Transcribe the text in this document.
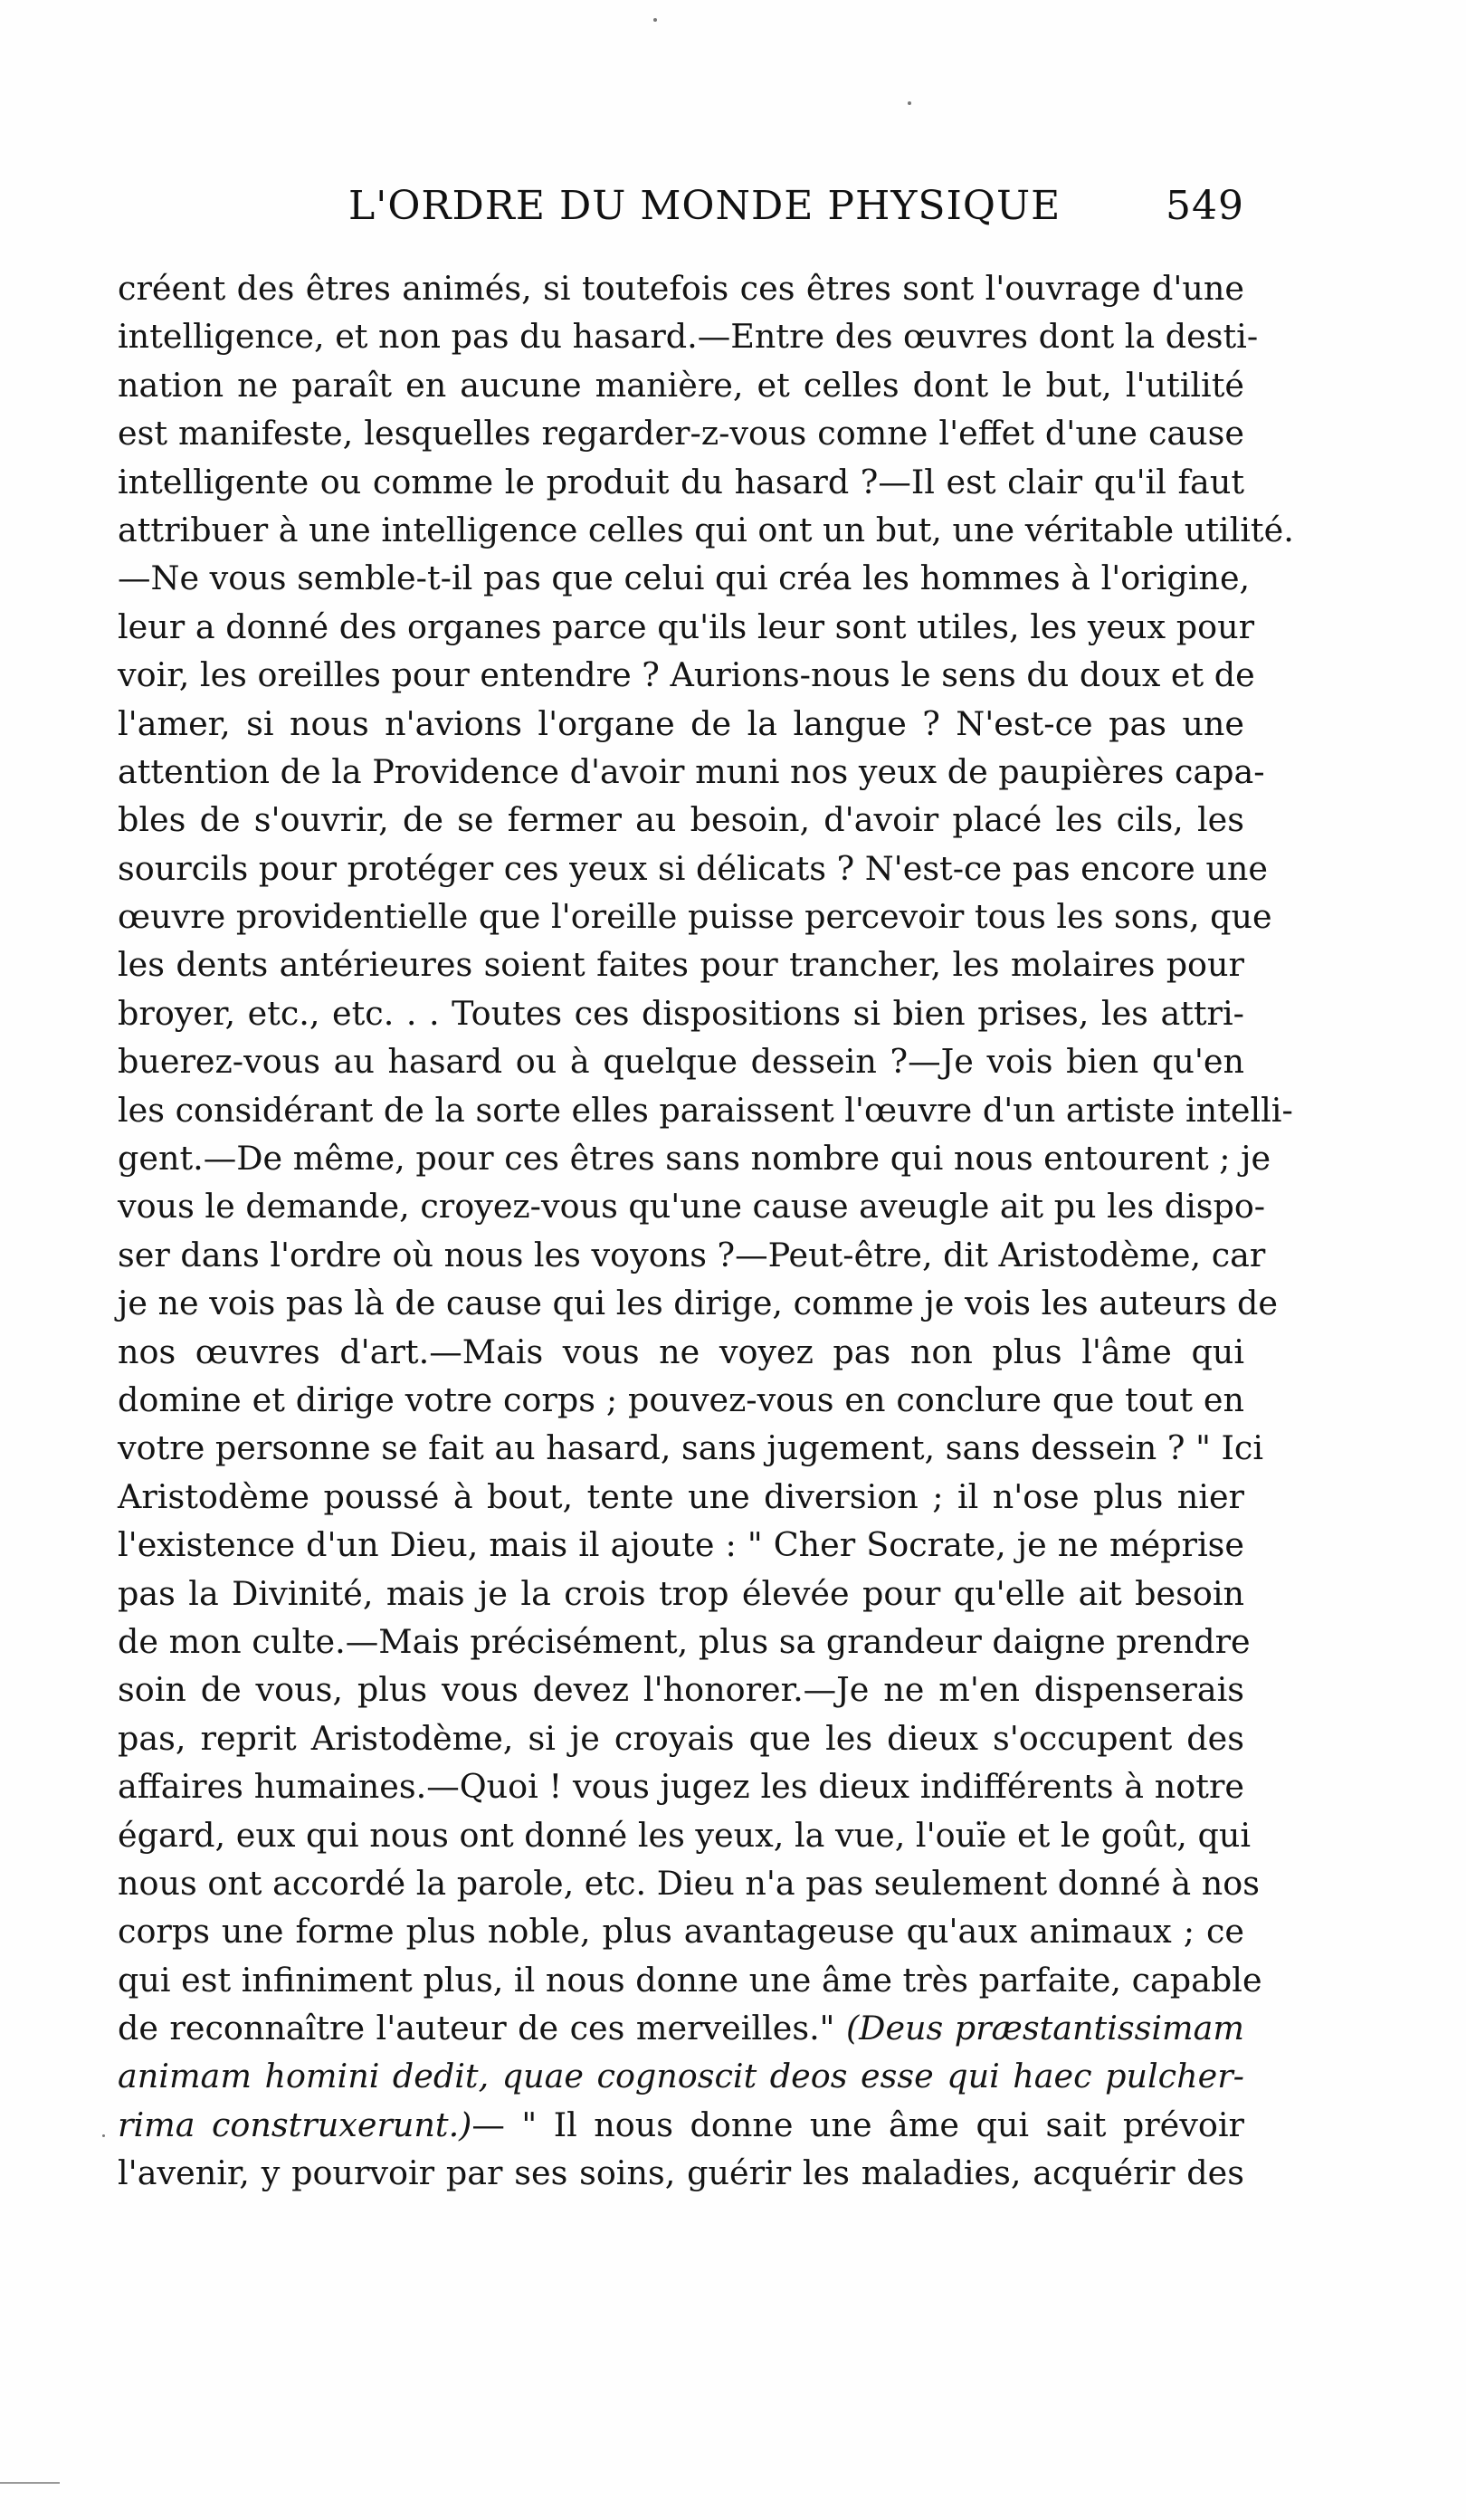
L'ORDRE DU MONDE PHYSIQUE	549
créent des êtres animés, si toutefois ces êtres sont l'ouvrage d'une
intelligence, et non pas du hasard.—Entre des œuvres dont la desti-
nation ne paraît en aucune manière, et celles dont le but, l'utilité
est manifeste, lesquelles regarder-z-vous comne l'effet d'une cause
intelligente ou comme le produit du hasard ?—Il est clair qu'il faut
attribuer à une intelligence celles qui ont un but, une véritable utilité.
—Ne vous semble-t-il pas que celui qui créa les hommes à l'origine,
leur a donné des organes parce qu'ils leur sont utiles, les yeux pour
voir, les oreilles pour entendre ? Aurions-nous le sens du doux et de
l'amer, si nous n'avions l'organe de la langue ? N'est-ce pas une
attention de la Providence d'avoir muni nos yeux de paupières capa-
bles de s'ouvrir, de se fermer au besoin, d'avoir placé les cils, les
sourcils pour protéger ces yeux si délicats ? N'est-ce pas encore une
œuvre providentielle que l'oreille puisse percevoir tous les sons, que
les dents antérieures soient faites pour trancher, les molaires pour
broyer, etc., etc. . . Toutes ces dispositions si bien prises, les attri-
buerez-vous au hasard ou à quelque dessein ?—Je vois bien qu'en
les considérant de la sorte elles paraissent l'œuvre d'un artiste intelli-
gent.—De même, pour ces êtres sans nombre qui nous entourent ; je
vous le demande, croyez-vous qu'une cause aveugle ait pu les dispo-
ser dans l'ordre où nous les voyons ?—Peut-être, dit Aristodème, car
je ne vois pas là de cause qui les dirige, comme je vois les auteurs de
nos œuvres d'art.—Mais vous ne voyez pas non plus l'âme qui
domine et dirige votre corps ; pouvez-vous en conclure que tout en
votre personne se fait au hasard, sans jugement, sans dessein ? " Ici
Aristodème poussé à bout, tente une diversion ; il n'ose plus nier
l'existence d'un Dieu, mais il ajoute : " Cher Socrate, je ne méprise
pas la Divinité, mais je la crois trop élevée pour qu'elle ait besoin
de mon culte.—Mais précisément, plus sa grandeur daigne prendre
soin de vous, plus vous devez l'honorer.—Je ne m'en dispenserais
pas, reprit Aristodème, si je croyais que les dieux s'occupent des
affaires humaines.—Quoi ! vous jugez les dieux indifférents à notre
égard, eux qui nous ont donné les yeux, la vue, l'ouïe et le goût, qui
nous ont accordé la parole, etc. Dieu n'a pas seulement donné à nos
corps une forme plus noble, plus avantageuse qu'aux animaux ; ce
qui est infiniment plus, il nous donne une âme très parfaite, capable
de reconnaître l'auteur de ces merveilles." (Deus præstantissimam
animam homini dedit, quae cognoscit deos esse qui haec pulcher-
rima construxerunt.)— " Il nous donne une âme qui sait prévoir
l'avenir, y pourvoir par ses soins, guérir les maladies, acquérir des
